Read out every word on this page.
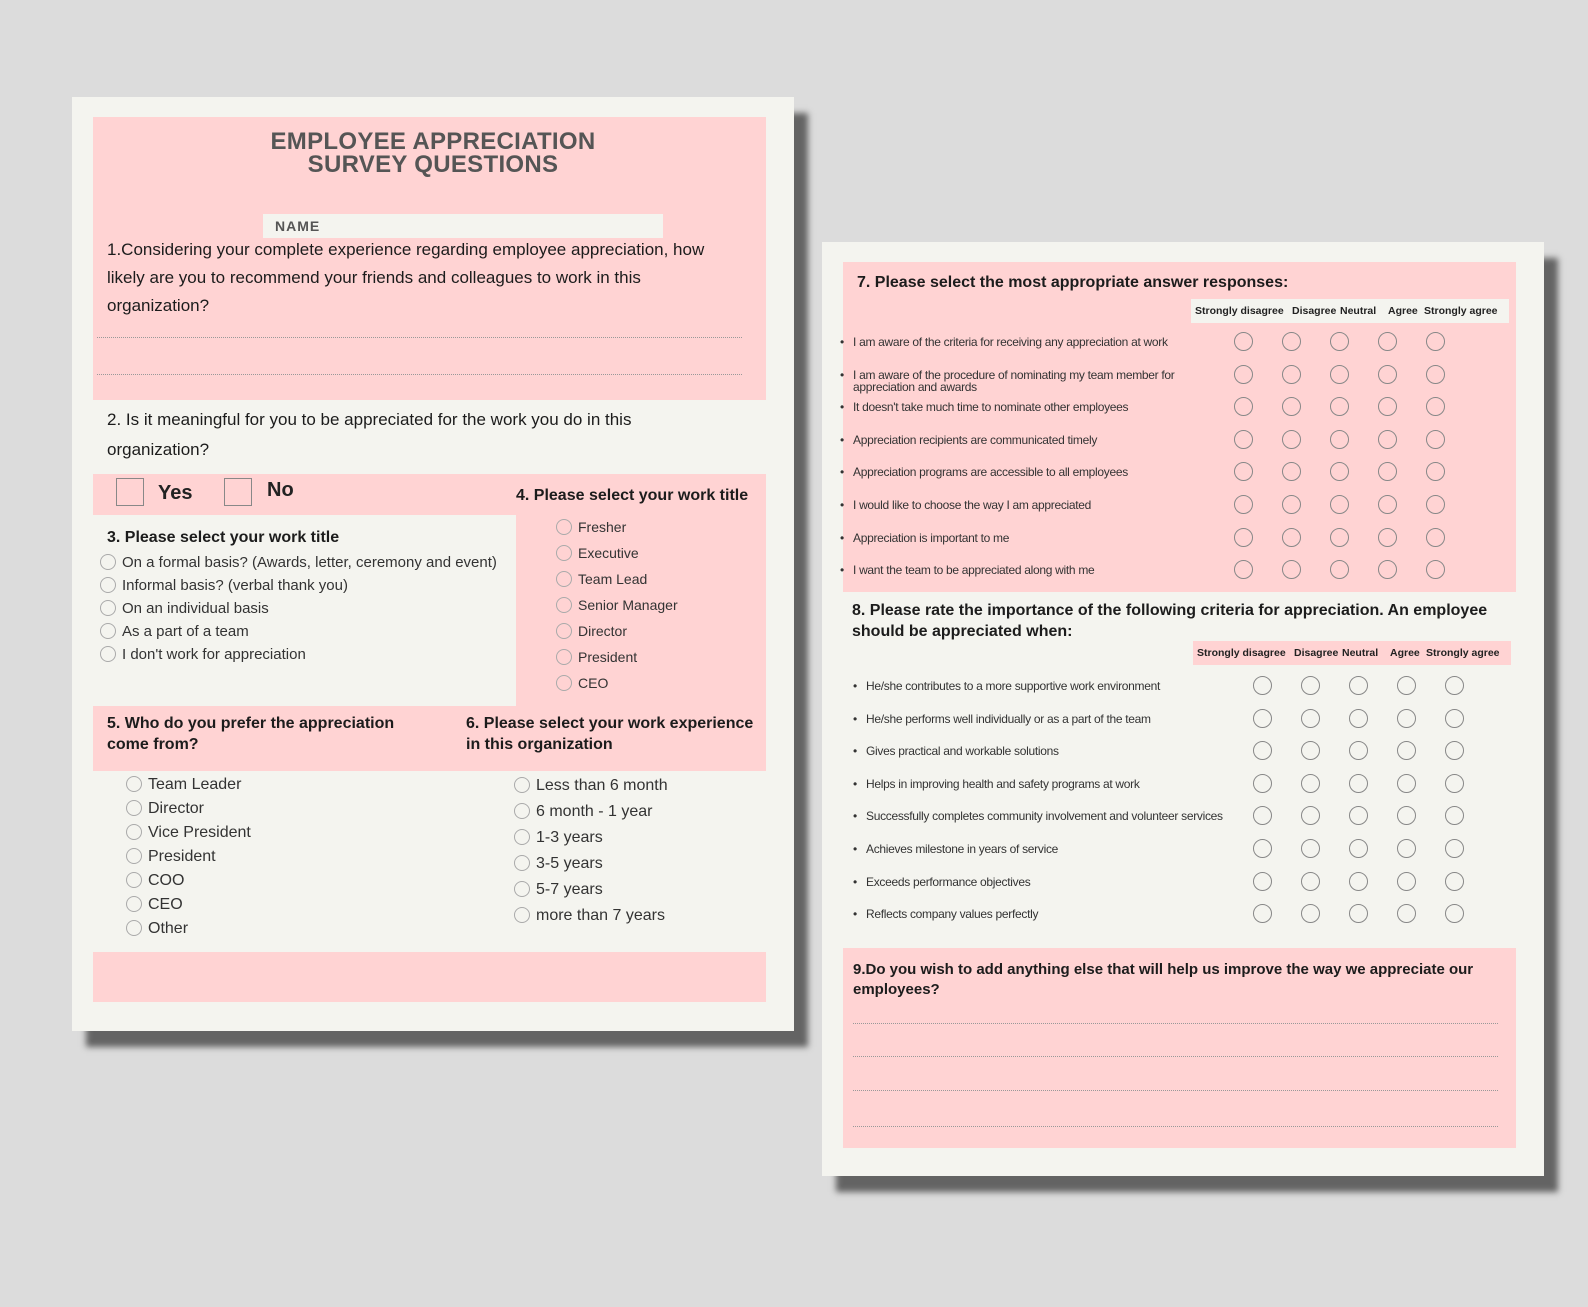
EMPLOYEE APPRECIATION
SURVEY QUESTIONS
NAME
1.Considering your complete experience regarding employee appreciation, how
likely are you to recommend your friends and colleagues to work in this
organization?
2. Is it meaningful for you to be appreciated for the work you do in this
organization?
Yes	No	4. Please select your work title
Fresher
Executive
Team Lead
Senior Manager
Director
President
CEO
3. Please select your work title
On a formal basis? (Awards, letter, ceremony and event)
Informal basis? (verbal thank you)
On an individual basis
As a part of a team
I don't work for appreciation
5. Who do you prefer the appreciation
come from?
6. Please select your work experience
in this organization
Team Leader
Director
Vice President
President
COO
CEO
Other
Less than 6 month
6 month - 1 year
1-3 years
3-5 years
5-7 years
more than 7 years
7. Please select the most appropriate answer responses:
Strongly disagree Disagree Neutral Agree Strongly agree
• I am aware of the criteria for receiving any appreciation at work
• I am aware of the procedure of nominating my team member for appreciation and awards
• It doesn't take much time to nominate other employees
• Appreciation recipients are communicated timely
• Appreciation programs are accessible to all employees
• I would like to choose the way I am appreciated
• Appreciation is important to me
• I want the team to be appreciated along with me
8. Please rate the importance of the following criteria for appreciation. An employee
should be appreciated when:
Strongly disagree Disagree Neutral Agree Strongly agree
• He/she contributes to a more supportive work environment
• He/she performs well individually or as a part of the team
• Gives practical and workable solutions
• Helps in improving health and safety programs at work
• Successfully completes community involvement and volunteer services
• Achieves milestone in years of service
• Exceeds performance objectives
• Reflects company values perfectly
9.Do you wish to add anything else that will help us improve the way we appreciate our
employees?
